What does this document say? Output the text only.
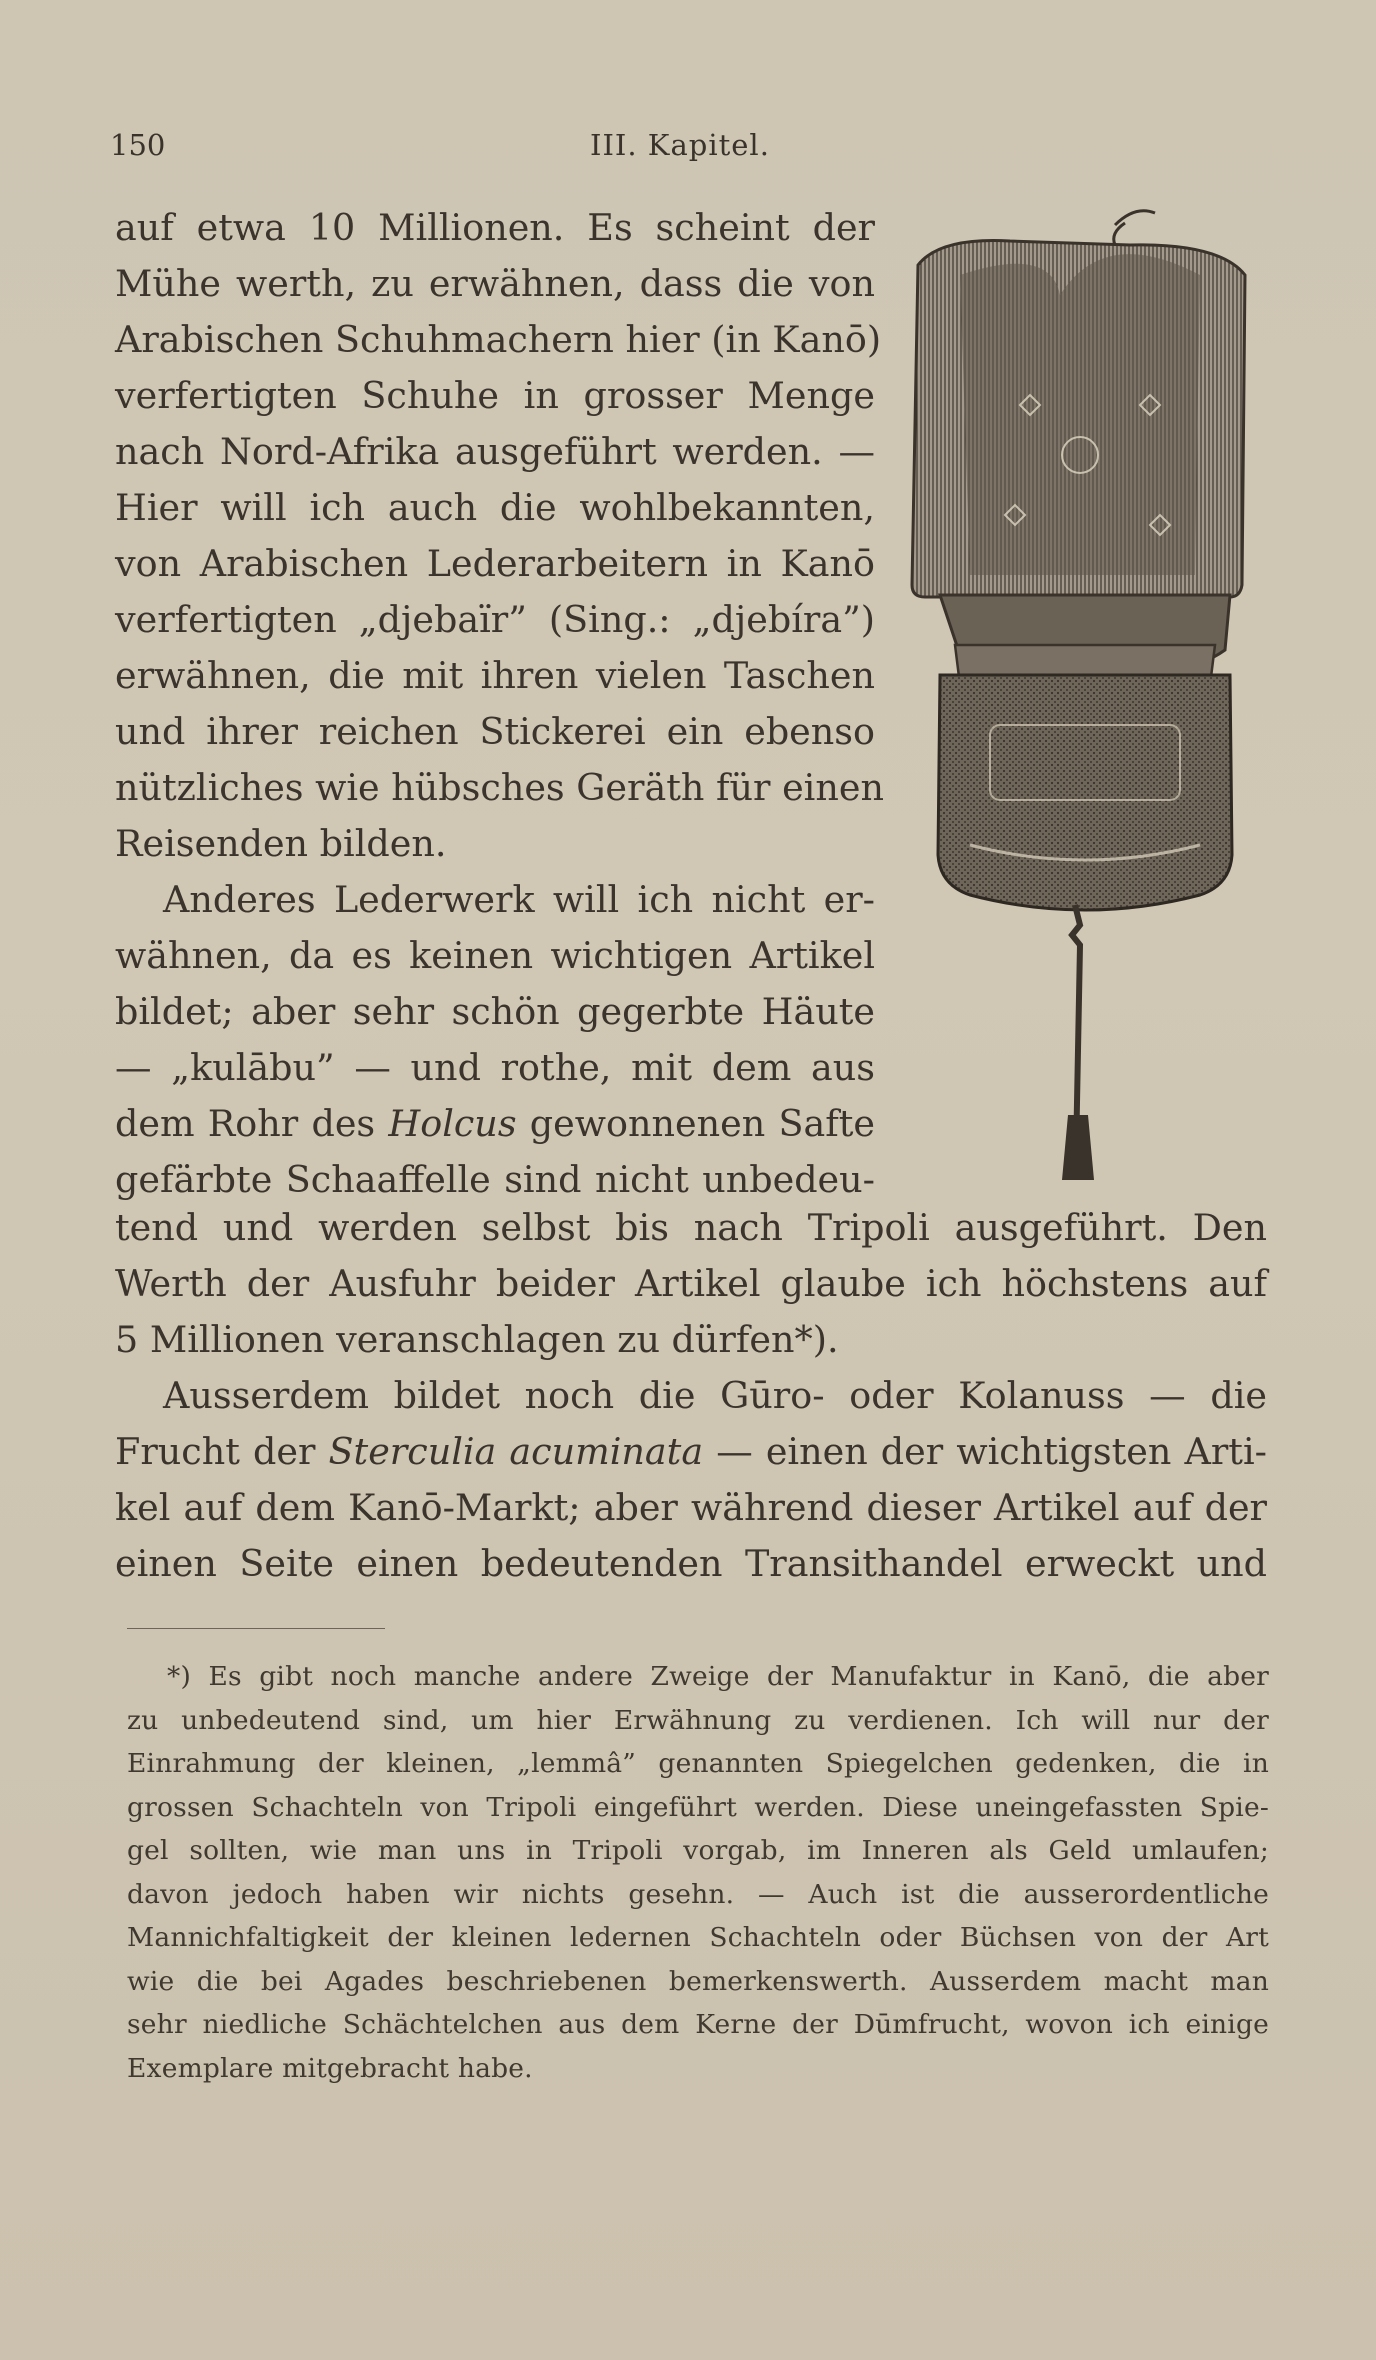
150	III. Kapitel.
auf etwa 10 Millionen. Es scheint der
Mühe werth, zu erwähnen, dass die von
Arabischen Schuhmachern hier (in Kanō)
verfertigten Schuhe in grosser Menge
nach Nord-Afrika ausgeführt werden. —
Hier will ich auch die wohlbekannten,
von Arabischen Lederarbeitern in Kanō
verfertigten „djebaïr” (Sing.: „djebíra”)
erwähnen, die mit ihren vielen Taschen
und ihrer reichen Stickerei ein ebenso
nützliches wie hübsches Geräth für einen
Reisenden bilden.
Anderes Lederwerk will ich nicht er-
wähnen, da es keinen wichtigen Artikel
bildet; aber sehr schön gegerbte Häute
— „kulābu” — und rothe, mit dem aus
dem Rohr des Holcus gewonnenen Safte
gefärbte Schaaffelle sind nicht unbedeu-
tend und werden selbst bis nach Tripoli ausgeführt. Den
Werth der Ausfuhr beider Artikel glaube ich höchstens auf
5 Millionen veranschlagen zu dürfen*).
Ausserdem bildet noch die Gūro- oder Kolanuss — die
Frucht der Sterculia acuminata — einen der wichtigsten Arti-
kel auf dem Kanō-Markt; aber während dieser Artikel auf der
einen Seite einen bedeutenden Transithandel erweckt und
*) Es gibt noch manche andere Zweige der Manufaktur in Kanō, die aber
zu unbedeutend sind, um hier Erwähnung zu verdienen. Ich will nur der
Einrahmung der kleinen, „lemmâ” genannten Spiegelchen gedenken, die in
grossen Schachteln von Tripoli eingeführt werden. Diese uneingefassten Spie-
gel sollten, wie man uns in Tripoli vorgab, im Inneren als Geld umlaufen;
davon jedoch haben wir nichts gesehn. — Auch ist die ausserordentliche
Mannichfaltigkeit der kleinen ledernen Schachteln oder Büchsen von der Art
wie die bei Agades beschriebenen bemerkenswerth. Ausserdem macht man
sehr niedliche Schächtelchen aus dem Kerne der Dūmfrucht, wovon ich einige
Exemplare mitgebracht habe.
